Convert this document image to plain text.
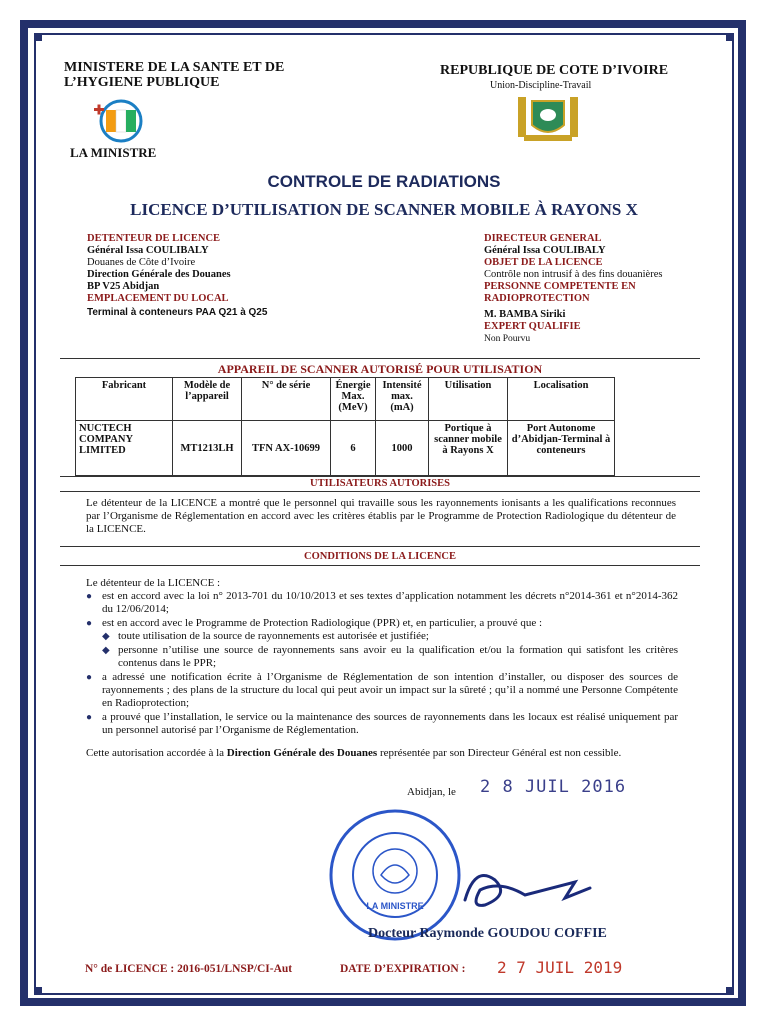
MINISTERE DE LA SANTE ET DE
L’HYGIENE PUBLIQUE
LA MINISTRE
REPUBLIQUE DE COTE D’IVOIRE
Union-Discipline-Travail
CONTROLE DE RADIATIONS
LICENCE D’UTILISATION DE SCANNER MOBILE À RAYONS X
DETENTEUR DE LICENCE
Général Issa COULIBALY
Douanes de Côte d’Ivoire
Direction Générale des Douanes
BP V25 Abidjan
EMPLACEMENT DU LOCAL
Terminal à conteneurs PAA Q21 à Q25
DIRECTEUR GENERAL
Général Issa COULIBALY
OBJET DE LA LICENCE
Contrôle non intrusif à des fins douanières
PERSONNE COMPETENTE EN
RADIOPROTECTION
M. BAMBA Siriki
EXPERT QUALIFIE
Non Pourvu
APPAREIL DE SCANNER AUTORISÉ POUR UTILISATION
Fabricant	Modèle de l’appareil	N° de série	Énergie Max. (MeV)	Intensité max. (mA)	Utilisation	Localisation
NUCTECH COMPANY LIMITED	MT1213LH	TFN AX-10699	6	1000	Portique à scanner mobile à Rayons X	Port Autonome d’Abidjan-Terminal à conteneurs
UTILISATEURS AUTORISES
Le détenteur de la LICENCE a montré que le personnel qui travaille sous les rayonnements ionisants a les qualifications reconnues par l’Organisme de Réglementation en accord avec les critères établis par le Programme de Protection Radiologique du détenteur de la LICENCE.
CONDITIONS DE LA LICENCE
Le détenteur de la LICENCE :
● est en accord avec la loi n° 2013-701 du 10/10/2013 et ses textes d’application notamment les décrets n°2014-361 et n°2014-362 du 12/06/2014;
● est en accord avec le Programme de Protection Radiologique (PPR) et, en particulier, a prouvé que :
◆ toute utilisation de la source de rayonnements est autorisée et justifiée;
◆ personne n’utilise une source de rayonnements sans avoir eu la qualification et/ou la formation qui satisfont les critères contenus dans le PPR;
● a adressé une notification écrite à l’Organisme de Réglementation de son intention d’installer, ou disposer des sources de rayonnements ; des plans de la structure du local qui peut avoir un impact sur la sûreté ; qu’il a nommé une Personne Compétente en Radioprotection;
● a prouvé que l’installation, le service ou la maintenance des sources de rayonnements dans les locaux est réalisé uniquement par un personnel autorisé par l’Organisme de Réglementation.
Cette autorisation accordée à la Direction Générale des Douanes représentée par son Directeur Général est non cessible.
Abidjan, le 2 8 JUIL 2016
LA MINISTRE
Docteur Raymonde GOUDOU COFFIE
N° de LICENCE : 2016-051/LNSP/CI-Aut	DATE D’EXPIRATION : 2 7 JUIL 2019
